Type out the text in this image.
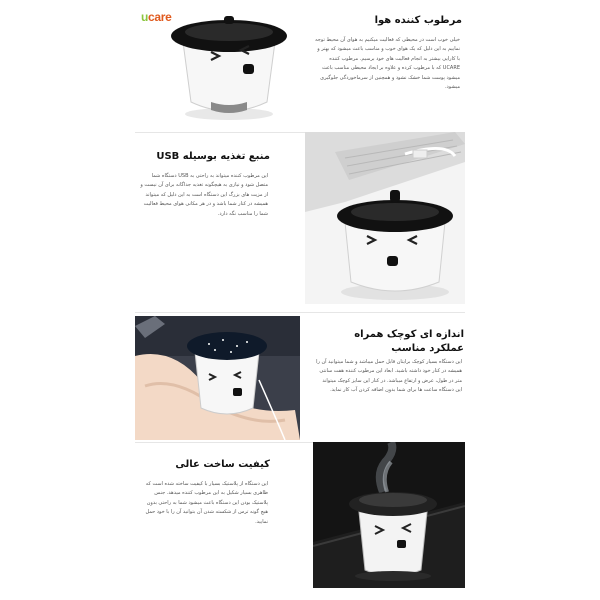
ucare	مرطوب کننده هوا
خیلی خوب است در محیطی که فعالیت میکنیم به هوای آن محیط توجه نماییم به این دلیل که یک هوای خوب و مناسب باعث میشود که بهتر و با کارایی بیشتر به انجام فعالیت های خود برسیم. مرطوب کننده UCARE که با مرطوب کرده و علاوه بر ایجاد محیطی مناسب باعث میشود پوست شما خشک نشود و همچنین از سرماخوردگی جلوگیری میشود.
منبع تغذیه بوسیله USB
این مرطوب کننده میتواند به راحتی به USB دستگاه شما متصل شود و نیازی به هیچگونه تغذیه جداگانه برای آن نیست و از مزیت های بزرگ این دستگاه است به این دلیل که میتواند همیشه در کنار شما باشد و در هر مکانی هوای محیط فعالیت شما را مناسب نگه دارد.
اندازه ای کوچک همراه
عملکرد مناسب
این دستگاه بسیار کوچک برایتان قابل حمل میباشد و شما میتوانید آن را همیشه در کنار خود داشته باشید. ابعاد این مرطوب کننده هفت سانتی متر در طول، عرض و ارتفاع میباشد. در کنار این سایز کوچک میتواند این دستگاه ساعت ها برای شما بدون اضافه کردن آب کار نماید.
کیفیت ساخت عالی
این دستگاه از پلاستیک بسیار با کیفیت ساخته شده است که ظاهری بسیار شکیل به این مرطوب کننده میدهد. جنس پلاستیک بودن این دستگاه باعث میشود شما به راحتی بدون هیچ گونه ترس از شکسته شدن آن بتوانید آن را با خود حمل نمایید.
